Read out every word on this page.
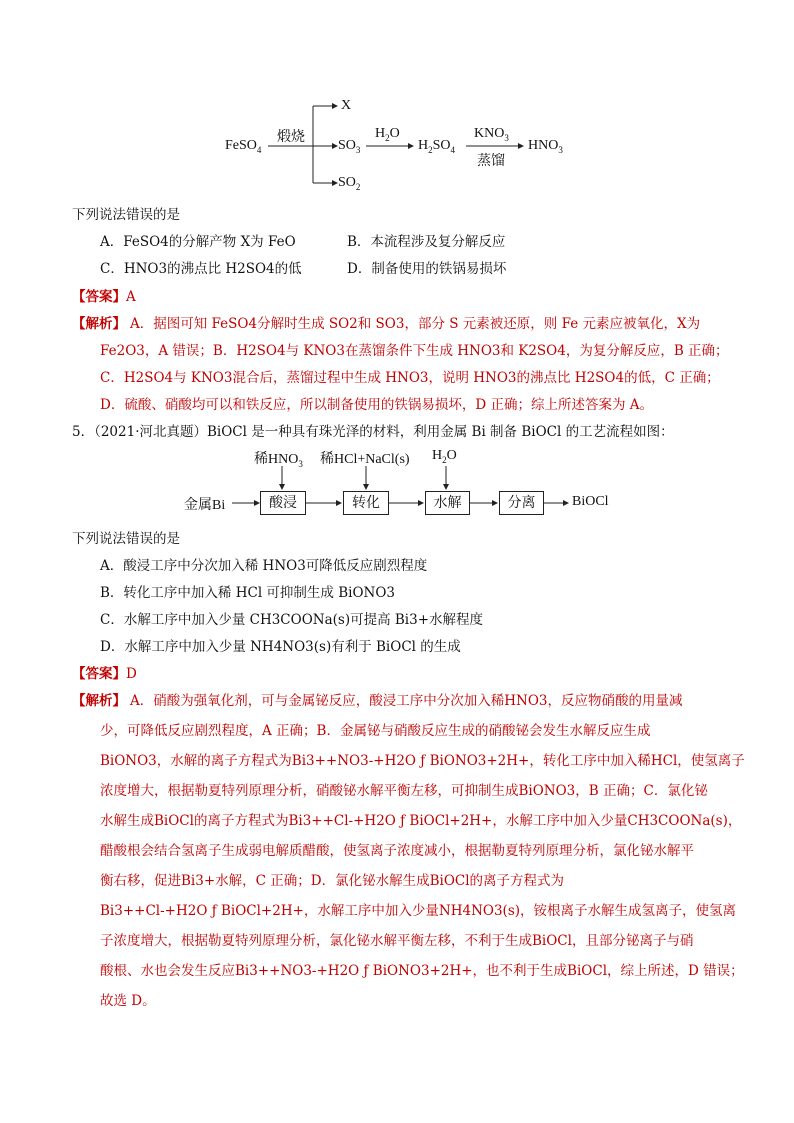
FeSO$_4$
煅烧
X
$SO_3$
$SO_2$
$H_2O$
$H_2SO_4$
$KNO_3$
蒸馏
$HNO_3$
下列说法错误的是
A．FeSO4的分解产物 X为 FeO	B．本流程涉及复分解反应
C．HNO3的沸点比 H2SO4的低	D．制备使用的铁锅易损坏
【答案】A
【解析】 A．据图可知 FeSO4分解时生成 SO2和 SO3，部分 S 元素被还原，则 Fe 元素应被氧化，X为
Fe2O3，A 错误；B．H2SO4与 KNO3在蒸馏条件下生成 HNO3和 K2SO4，为复分解反应，B 正确；
C．H2SO4与 KNO3混合后，蒸馏过程中生成 HNO3，说明 HNO3的沸点比 H2SO4的低，C 正确；
D．硫酸、硝酸均可以和铁反应，所以制备使用的铁锅易损坏，D 正确；综上所述答案为 A。
5．（2021·河北真题）BiOCl 是一种具有珠光泽的材料，利用金属 Bi 制备 BiOCl 的工艺流程如图：
稀$HNO_3$ 稀HCl+NaCl(s) $H_2O$
金属Bi	酸浸	转化	水解	分离	BiOCl
下列说法错误的是
A．酸浸工序中分次加入稀 HNO3可降低反应剧烈程度
B．转化工序中加入稀 HCl 可抑制生成 BiONO3
C．水解工序中加入少量 CH3COONa(s)可提高 Bi3+水解程度
D．水解工序中加入少量 NH4NO3(s)有利于 BiOCl 的生成
【答案】D
【解析】 A．硝酸为强氧化剂，可与金属铋反应，酸浸工序中分次加入稀HNO3，反应物硝酸的用量减
少，可降低反应剧烈程度，A 正确；B．金属铋与硝酸反应生成的硝酸铋会发生水解反应生成
BiONO3，水解的离子方程式为Bi3++NO3-+H2O ƒ BiONO3+2H+，转化工序中加入稀HCl，使氢离子
浓度增大，根据勒夏特列原理分析，硝酸铋水解平衡左移，可抑制生成BiONO3，B 正确；C．氯化铋
水解生成BiOCl的离子方程式为Bi3++Cl-+H2O ƒ BiOCl+2H+，水解工序中加入少量CH3COONa(s)，
醋酸根会结合氢离子生成弱电解质醋酸，使氢离子浓度减小，根据勒夏特列原理分析，氯化铋水解平
衡右移，促进Bi3+水解，C 正确；D．氯化铋水解生成BiOCl的离子方程式为
Bi3++Cl-+H2O ƒ BiOCl+2H+，水解工序中加入少量NH4NO3(s)，铵根离子水解生成氢离子，使氢离
子浓度增大，根据勒夏特列原理分析，氯化铋水解平衡左移，不利于生成BiOCl，且部分铋离子与硝
酸根、水也会发生反应Bi3++NO3-+H2O ƒ BiONO3+2H+，也不利于生成BiOCl，综上所述，D 错误；
故选 D。
